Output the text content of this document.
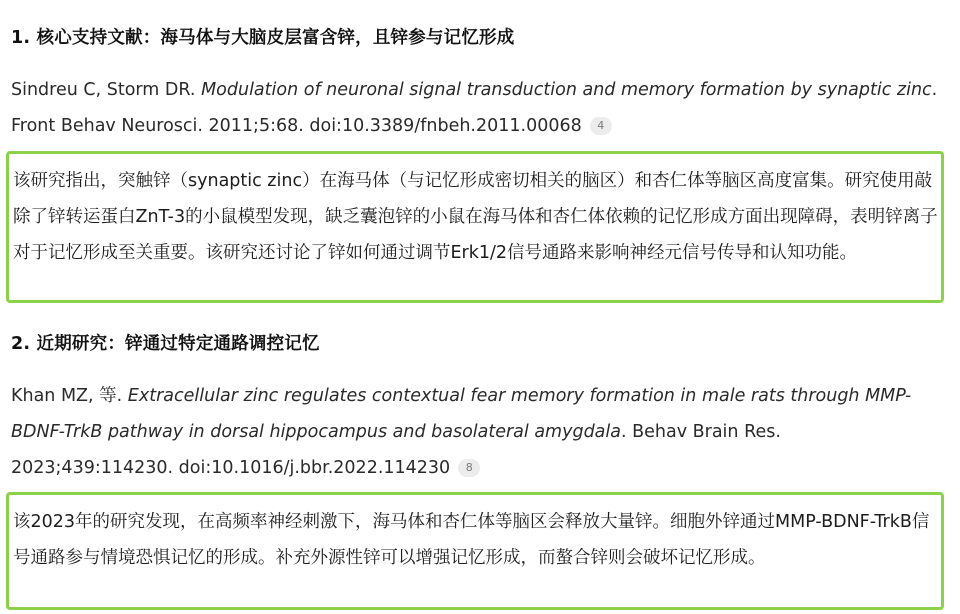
1. 核心支持文献：海马体与大脑皮层富含锌，且锌参与记忆形成
Sindreu C, Storm DR. Modulation of neuronal signal transduction and memory formation by synaptic zinc. Front Behav Neurosci. 2011;5:68. doi:10.3389/fnbeh.2011.00068 4

该研究指出，突触锌（synaptic zinc）在海马体（与记忆形成密切相关的脑区）和杏仁体等脑区高度富集。研究使用敲除了锌转运蛋白ZnT-3的小鼠模型发现，缺乏囊泡锌的小鼠在海马体和杏仁体依赖的记忆形成方面出现障碍，表明锌离子对于记忆形成至关重要。该研究还讨论了锌如何通过调节Erk1/2信号通路来影响神经元信号传导和认知功能。

2. 近期研究：锌通过特定通路调控记忆
Khan MZ, 等. Extracellular zinc regulates contextual fear memory formation in male rats through MMP-BDNF-TrkB pathway in dorsal hippocampus and basolateral amygdala. Behav Brain Res. 2023;439:114230. doi:10.1016/j.bbr.2022.114230 8

该2023年的研究发现，在高频率神经刺激下，海马体和杏仁体等脑区会释放大量锌。细胞外锌通过MMP-BDNF-TrkB信号通路参与情境恐惧记忆的形成。补充外源性锌可以增强记忆形成，而螯合锌则会破坏记忆形成。
